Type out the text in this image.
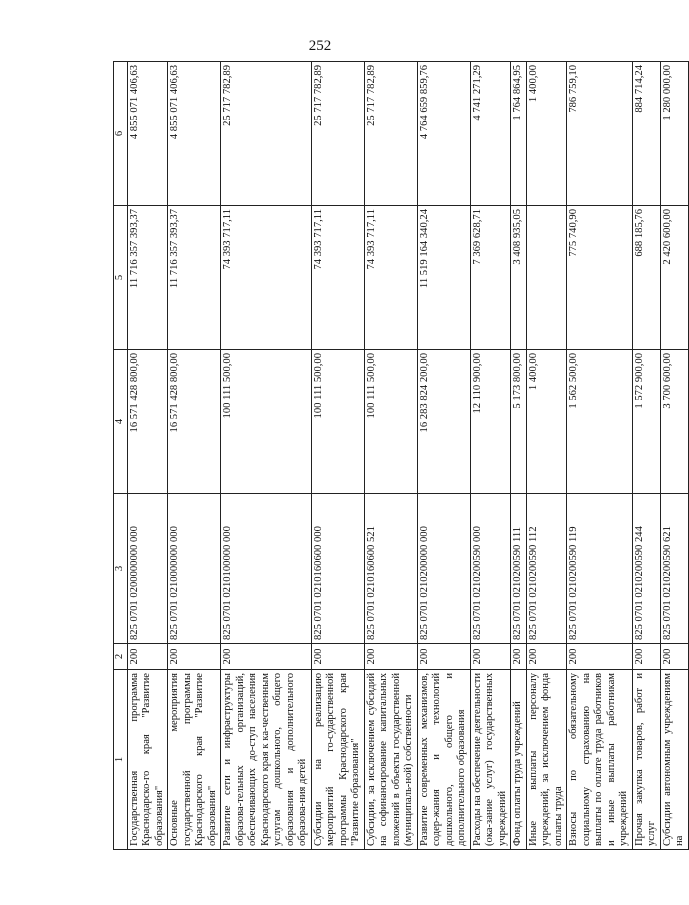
252
1	2	3	4	5	6
Государственная программа Краснодарско-го края "Развитие образования"	200	825 0701 0200000000 000	16 571 428 800,00	11 716 357 393,37	4 855 071 406,63
Основные мероприятия государственной программы Краснодарского края "Развитие образования"	200	825 0701 0210000000 000	16 571 428 800,00	11 716 357 393,37	4 855 071 406,63
Развитие сети и инфраструктуры образова-тельных организаций, обеспечивающих до-ступ населения Краснодарского края к ка-чественным услугам дошкольного, общего образования и дополнительного образова-ния детей	200	825 0701 0210100000 000	100 111 500,00	74 393 717,11	25 717 782,89
Субсидии на реализацию мероприятий го-сударственной программы Краснодарского края "Развитие образования"	200	825 0701 0210160600 000	100 111 500,00	74 393 717,11	25 717 782,89
Субсидии, за исключением субсидий на софинансирование капитальных вложений в объекты государственной (муниципаль-ной) собственности	200	825 0701 0210160600 521	100 111 500,00	74 393 717,11	25 717 782,89
Развитие современных механизмов, содер-жания и технологий дошкольного, общего и дополнительного образования	200	825 0701 0210200000 000	16 283 824 200,00	11 519 164 340,24	4 764 659 859,76
Расходы на обеспечение деятельности (ока-зание услуг) государственных учреждений	200	825 0701 0210200590 000	12 110 900,00	7 369 628,71	4 741 271,29
Фонд оплаты труда учреждений	200	825 0701 0210200590 111	5 173 800,00	3 408 935,05	1 764 864,95
Иные выплаты персоналу учреждений, за исключением фонда оплаты труда	200	825 0701 0210200590 112	1 400,00		1 400,00
Взносы по обязательному социальному страхованию на выплаты по оплате труда работников и иные выплаты работникам учреждений	200	825 0701 0210200590 119	1 562 500,00	775 740,90	786 759,10
Прочая закупка товаров, работ и услуг	200	825 0701 0210200590 244	1 572 900,00	688 185,76	884 714,24
Субсидии автономным учреждениям на	200	825 0701 0210200590 621	3 700 600,00	2 420 600,00	1 280 000,00
